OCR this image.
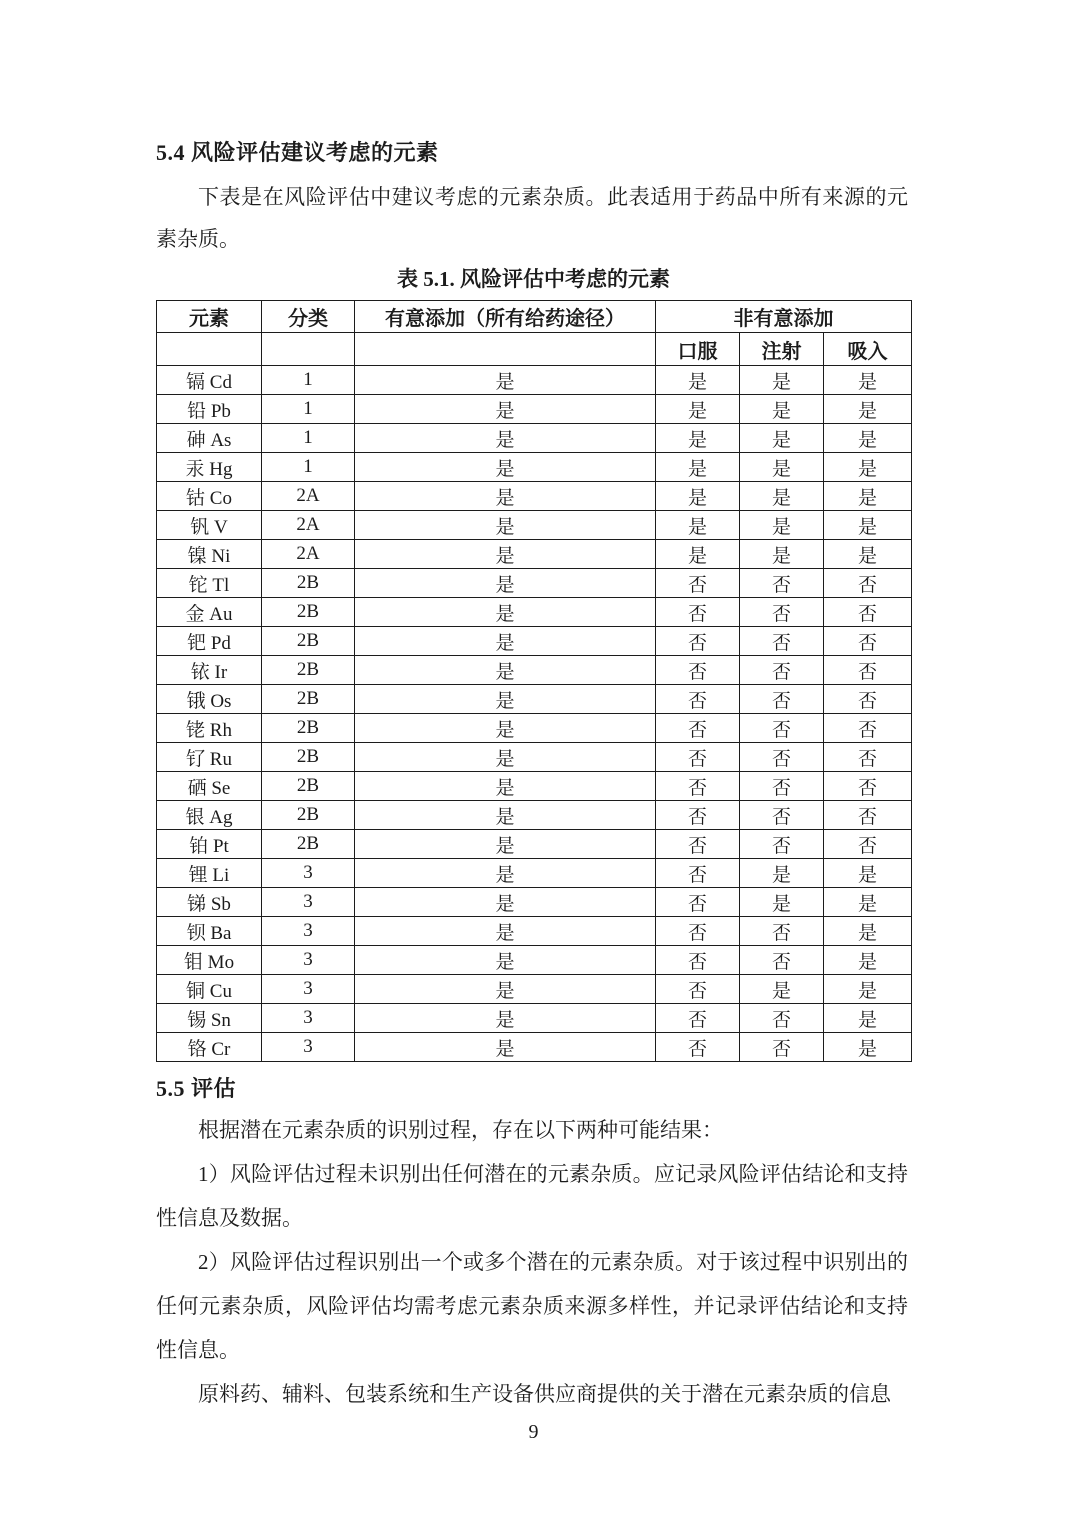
5.4 风险评估建议考虑的元素

下表是在风险评估中建议考虑的元素杂质。此表适用于药品中所有来源的元素杂质。

表 5.1. 风险评估中考虑的元素
元素	分类	有意添加（所有给药途径）	非有意添加		
			口服	注射	吸入
镉 Cd	1	是	是	是	是
铅 Pb	1	是	是	是	是
砷 As	1	是	是	是	是
汞 Hg	1	是	是	是	是
钴 Co	2A	是	是	是	是
钒 V	2A	是	是	是	是
镍 Ni	2A	是	是	是	是
铊 Tl	2B	是	否	否	否
金 Au	2B	是	否	否	否
钯 Pd	2B	是	否	否	否
铱 Ir	2B	是	否	否	否
锇 Os	2B	是	否	否	否
铑 Rh	2B	是	否	否	否
钌 Ru	2B	是	否	否	否
硒 Se	2B	是	否	否	否
银 Ag	2B	是	否	否	否
铂 Pt	2B	是	否	否	否
锂 Li	3	是	否	是	是
锑 Sb	3	是	否	是	是
钡 Ba	3	是	否	否	是
钼 Mo	3	是	否	否	是
铜 Cu	3	是	否	是	是
锡 Sn	3	是	否	否	是
铬 Cr	3	是	否	否	是
5.5 评估

根据潜在元素杂质的识别过程，存在以下两种可能结果：

1）风险评估过程未识别出任何潜在的元素杂质。应记录风险评估结论和支持性信息及数据。

2）风险评估过程识别出一个或多个潜在的元素杂质。对于该过程中识别出的任何元素杂质，风险评估均需考虑元素杂质来源多样性，并记录评估结论和支持性信息。

原料药、辅料、包装系统和生产设备供应商提供的关于潜在元素杂质的信息

9
